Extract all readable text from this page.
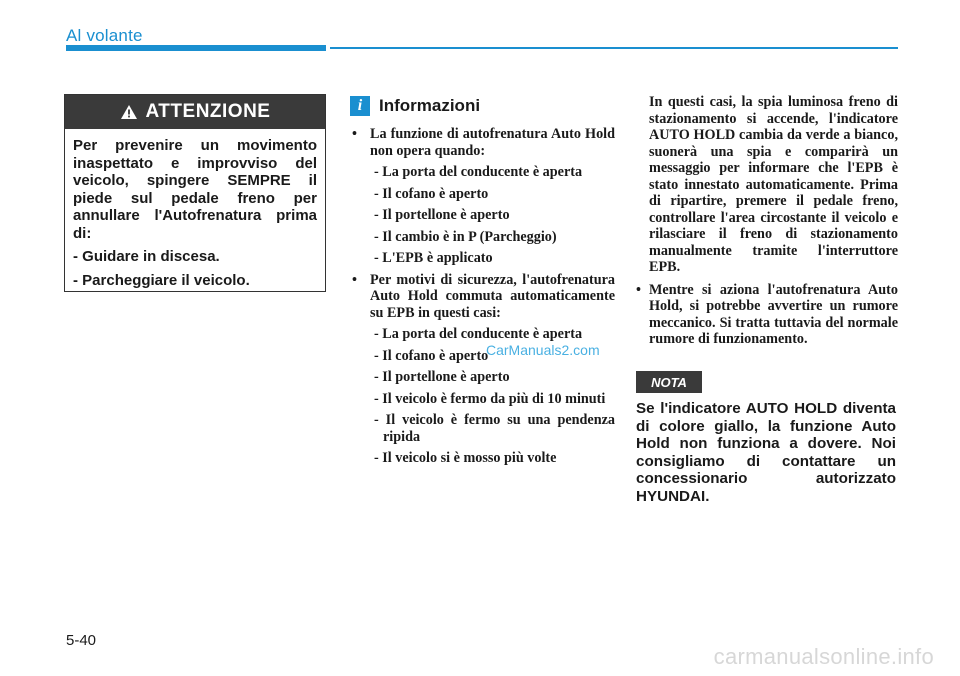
Al volante
ATTENZIONE

Per prevenire un movimento inaspettato e improvviso del veicolo, spingere SEMPRE il piede sul pedale freno per annullare l'Autofrenatura prima di:

- Guidare in discesa.

- Parcheggiare il veicolo.

i Informazioni
• La funzione di autofrenatura Auto Hold non opera quando:
- La porta del conducente è aperta
- Il cofano è aperto
- Il portellone è aperto
- Il cambio è in P (Parcheggio)
- L'EPB è applicato
• Per motivi di sicurezza, l'autofrenatura Auto Hold commuta automaticamente su EPB in questi casi:
- La porta del conducente è aperta
- Il cofano è aperto
- Il portellone è aperto
- Il veicolo è fermo da più di 10 minuti
- Il veicolo è fermo su una pendenza ripida
- Il veicolo si è mosso più volte
In questi casi, la spia luminosa freno di stazionamento si accende, l'indicatore AUTO HOLD cambia da verde a bianco, suonerà una spia e comparirà un messaggio per informare che l'EPB è stato innestato automaticamente. Prima di ripartire, premere il pedale freno, controllare l'area circostante il veicolo e rilasciare il freno di stazionamento manualmente tramite l'interruttore EPB.
• Mentre si aziona l'autofrenatura Auto Hold, si potrebbe avvertire un rumore meccanico. Si tratta tuttavia del normale rumore di funzionamento.
NOTA
Se l'indicatore AUTO HOLD diventa di colore giallo, la funzione Auto Hold non funziona a dovere. Noi consigliamo di contattare un concessionario autorizzato HYUNDAI.
CarManuals2.com
5-40
carmanualsonline.info
